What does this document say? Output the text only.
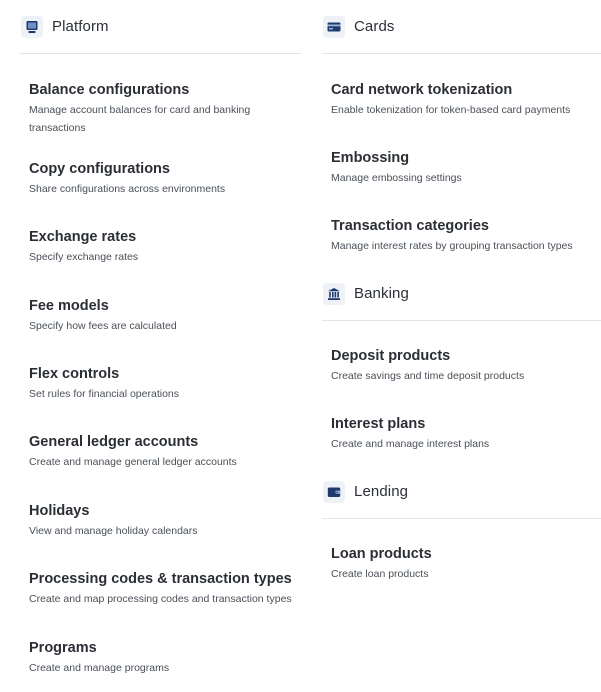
Platform
Balance configurations
Manage account balances for card and banking transactions
Copy configurations
Share configurations across environments
Exchange rates
Specify exchange rates
Fee models
Specify how fees are calculated
Flex controls
Set rules for financial operations
General ledger accounts
Create and manage general ledger accounts
Holidays
View and manage holiday calendars
Processing codes & transaction types
Create and map processing codes and transaction types
Programs
Create and manage programs
Cards
Card network tokenization
Enable tokenization for token-based card payments
Embossing
Manage embossing settings
Transaction categories
Manage interest rates by grouping transaction types
Banking
Deposit products
Create savings and time deposit products
Interest plans
Create and manage interest plans
Lending
Loan products
Create loan products
